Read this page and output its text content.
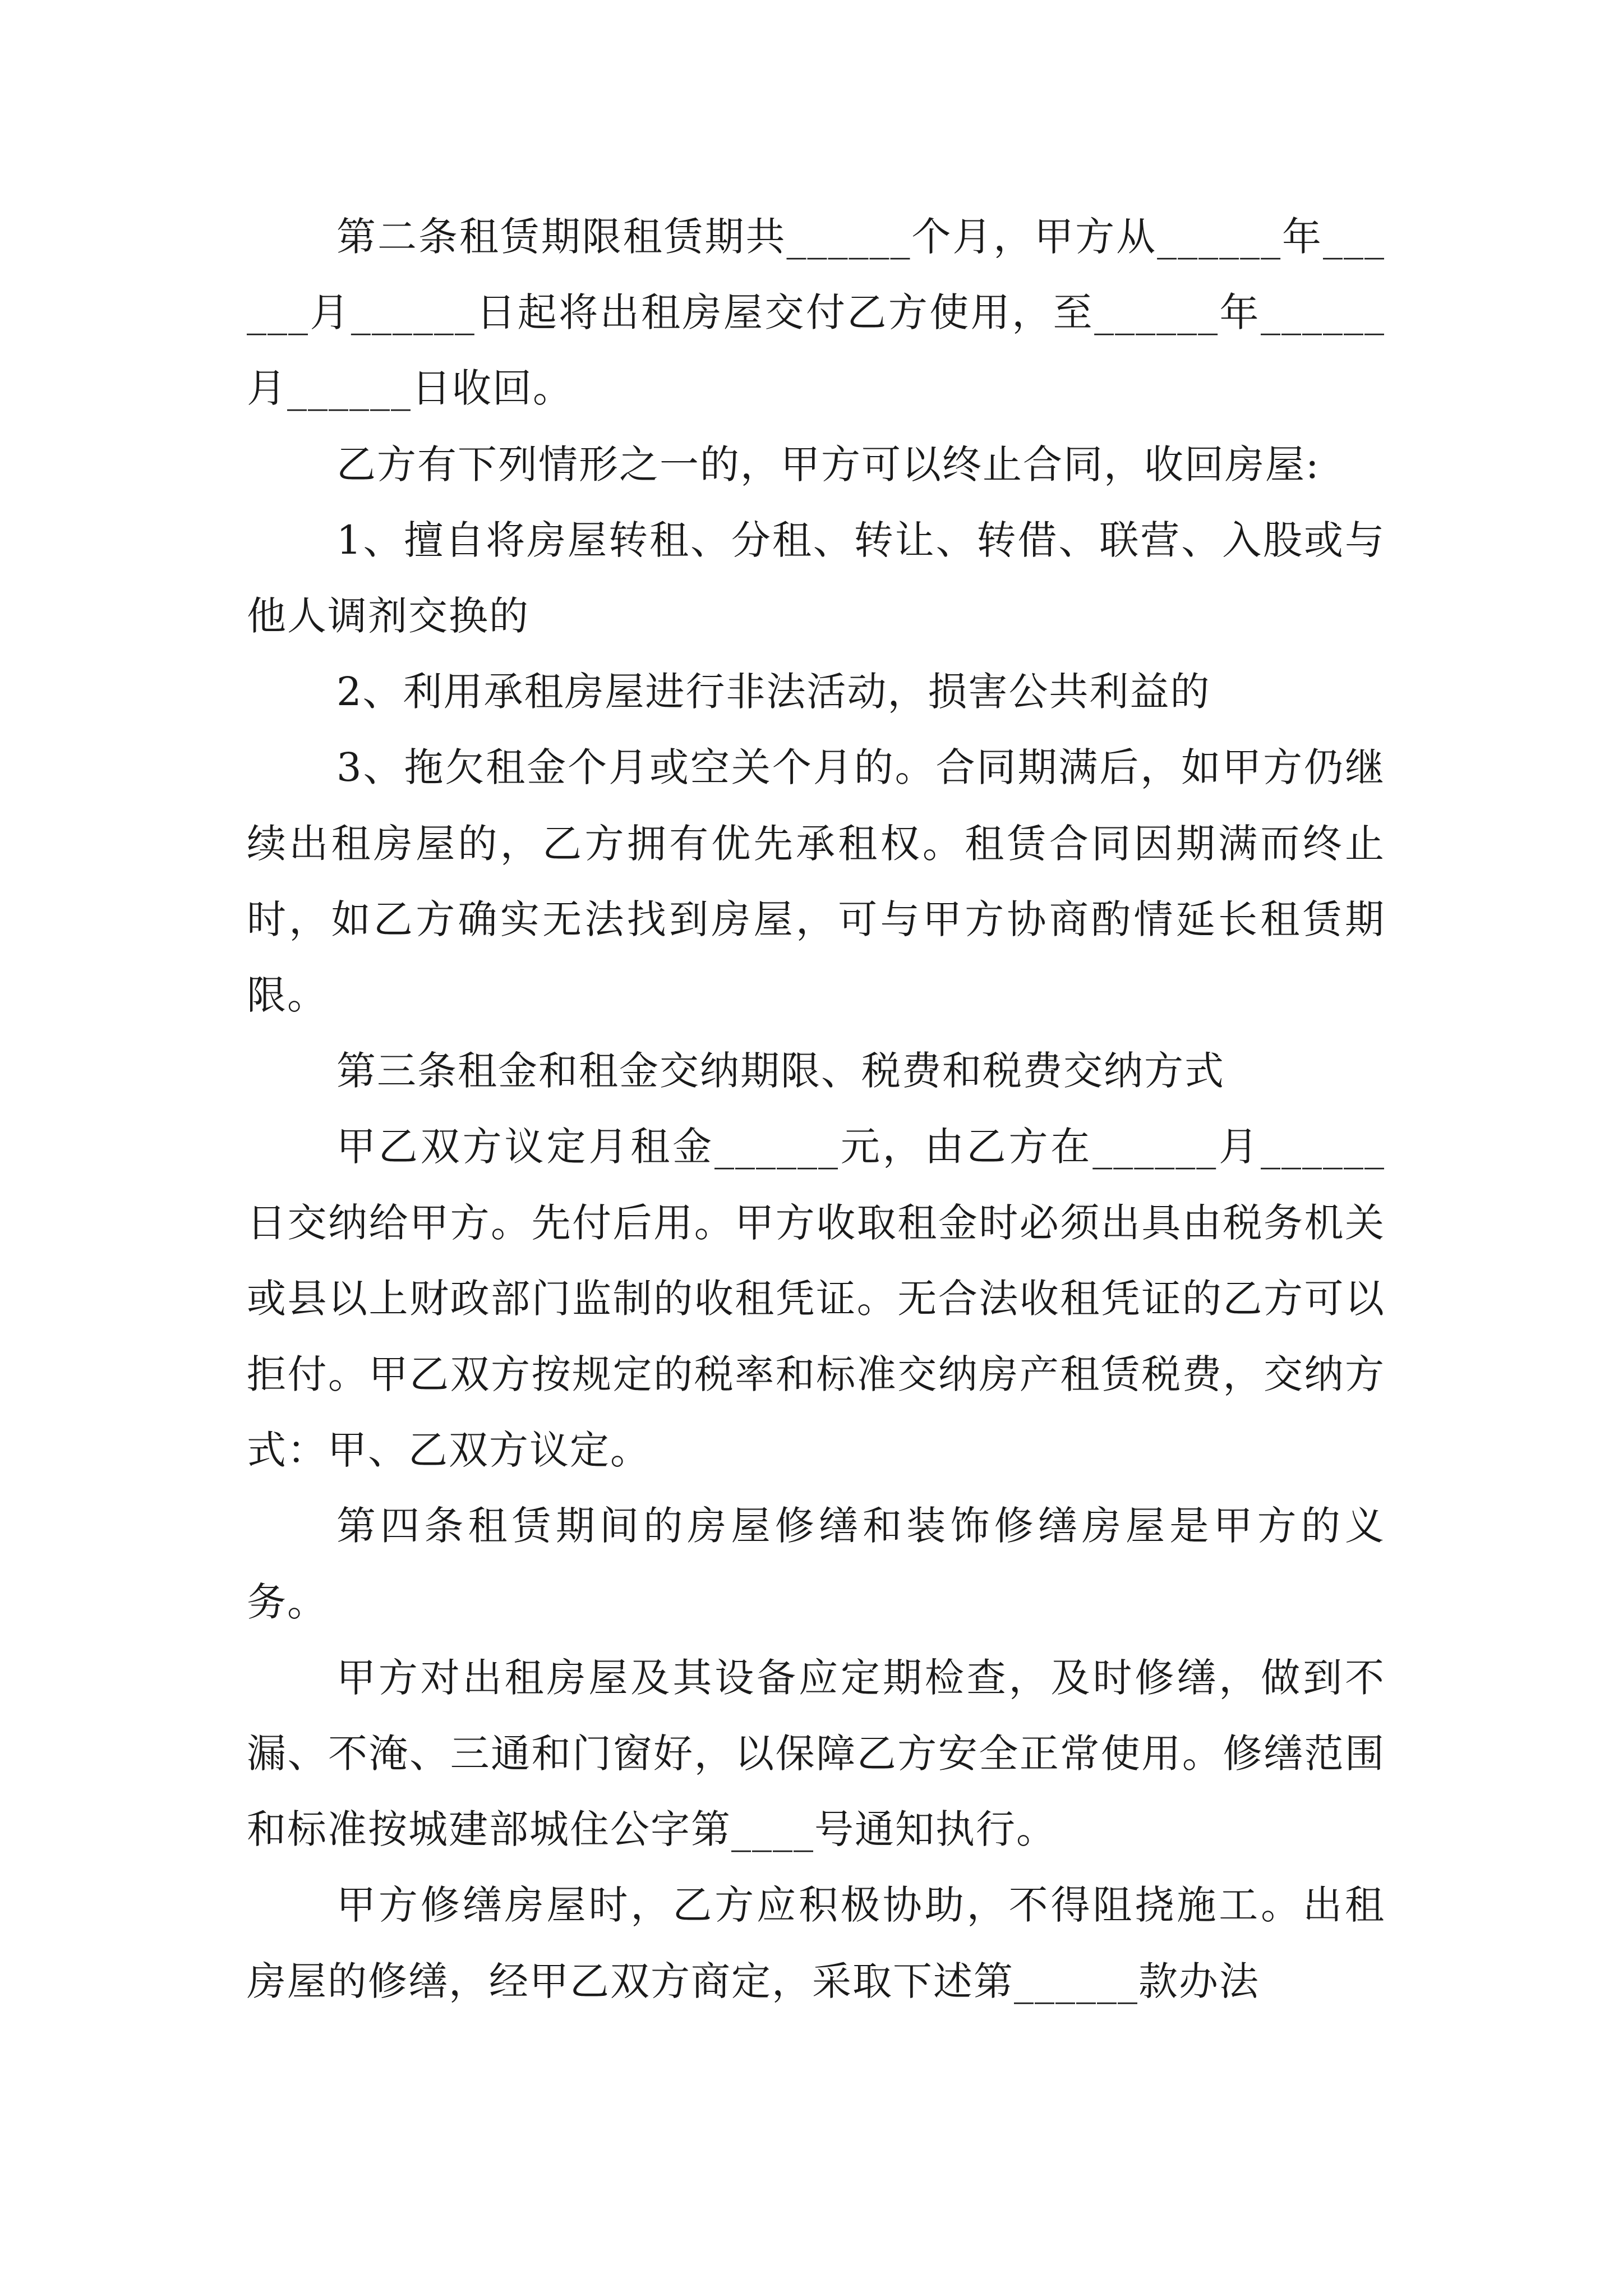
第二条租赁期限租赁期共______个月，甲方从______年______月______日起将出租房屋交付乙方使用，至______年______月______日收回。

乙方有下列情形之一的，甲方可以终止合同，收回房屋:

1、擅自将房屋转租、分租、转让、转借、联营、入股或与他人调剂交换的

2、利用承租房屋进行非法活动，损害公共利益的

3、拖欠租金个月或空关个月的。合同期满后，如甲方仍继续出租房屋的，乙方拥有优先承租权。租赁合同因期满而终止时，如乙方确实无法找到房屋，可与甲方协商酌情延长租赁期限。

第三条租金和租金交纳期限、税费和税费交纳方式

甲乙双方议定月租金______元，由乙方在______月______日交纳给甲方。先付后用。甲方收取租金时必须出具由税务机关或县以上财政部门监制的收租凭证。无合法收租凭证的乙方可以拒付。甲乙双方按规定的税率和标准交纳房产租赁税费，交纳方式：甲、乙双方议定。

第四条租赁期间的房屋修缮和装饰修缮房屋是甲方的义务。

甲方对出租房屋及其设备应定期检查，及时修缮，做到不漏、不淹、三通和门窗好，以保障乙方安全正常使用。修缮范围和标准按城建部城住公字第____号通知执行。

甲方修缮房屋时，乙方应积极协助，不得阻挠施工。出租房屋的修缮，经甲乙双方商定，采取下述第______款办法
